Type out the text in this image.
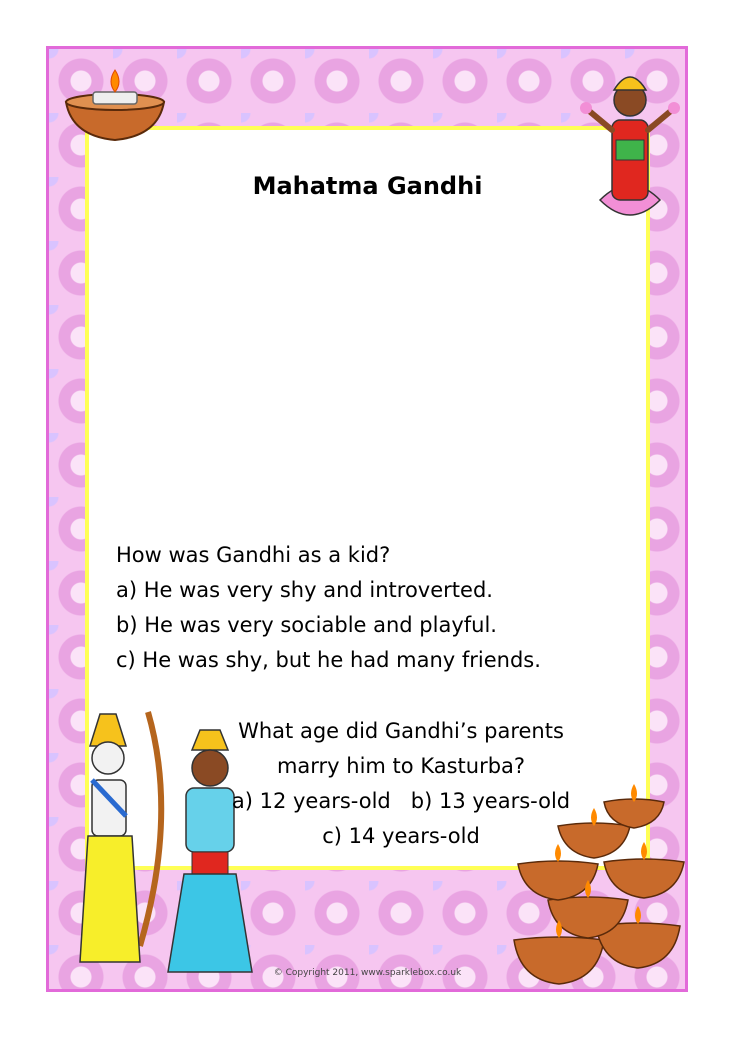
Mahatma Gandhi
How was Gandhi as a kid?
a) He was very shy and introverted.
b) He was very sociable and playful.
c) He was shy, but he had many friends.
What age did Gandhi’s parents
marry him to Kasturba?
a) 12 years-old   b) 13 years-old
c) 14 years-old
© Copyright 2011, www.sparklebox.co.uk
